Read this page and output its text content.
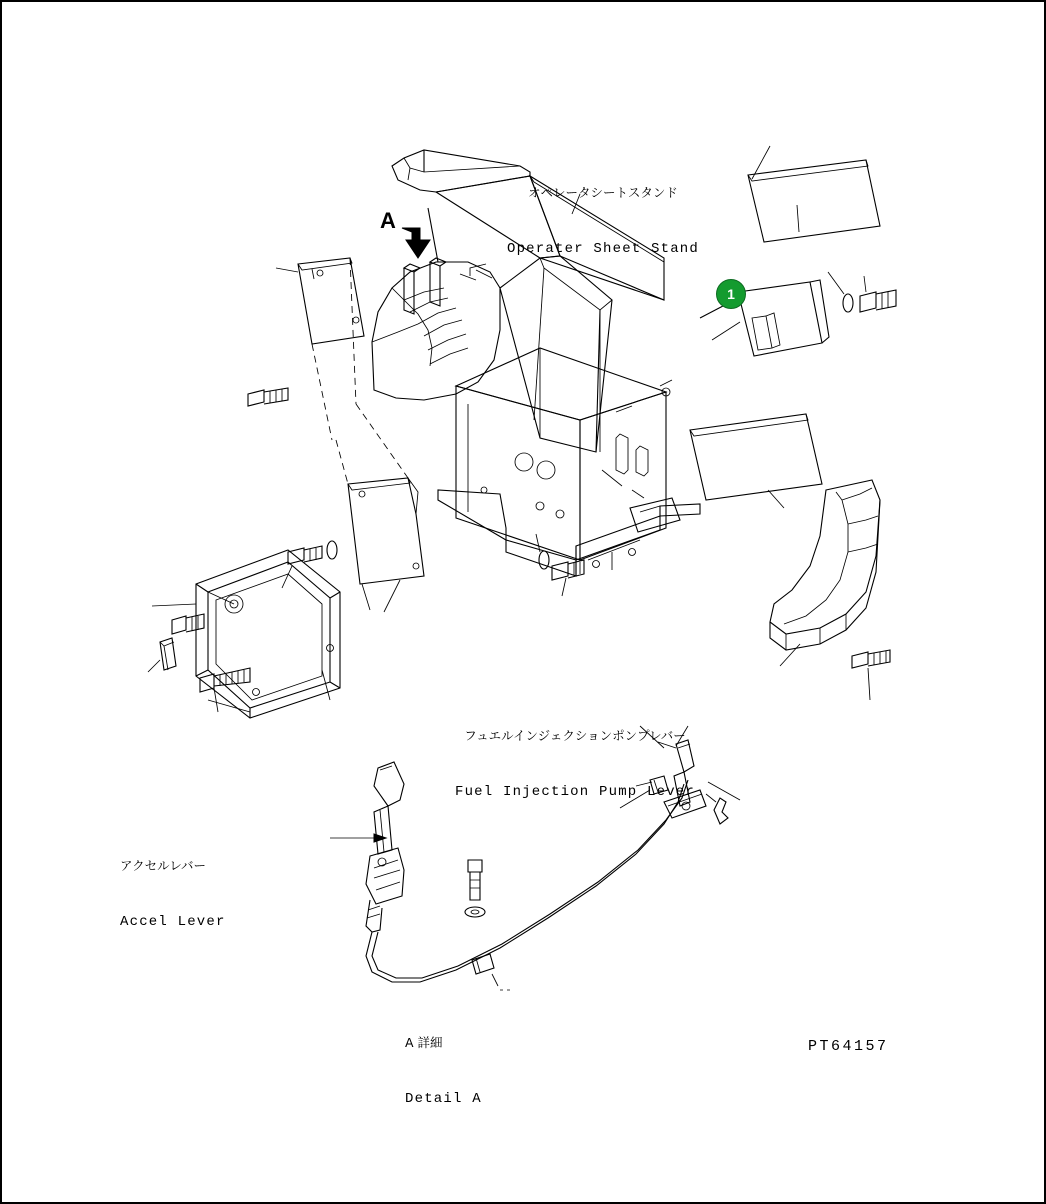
オペレータシートスタンド

Operater Sheet Stand

フュエルインジェクションポンプレバー

Fuel Injection Pump Lever

アクセルレバー

Accel Lever

A 詳細

Detail A

A
1
PT64157
